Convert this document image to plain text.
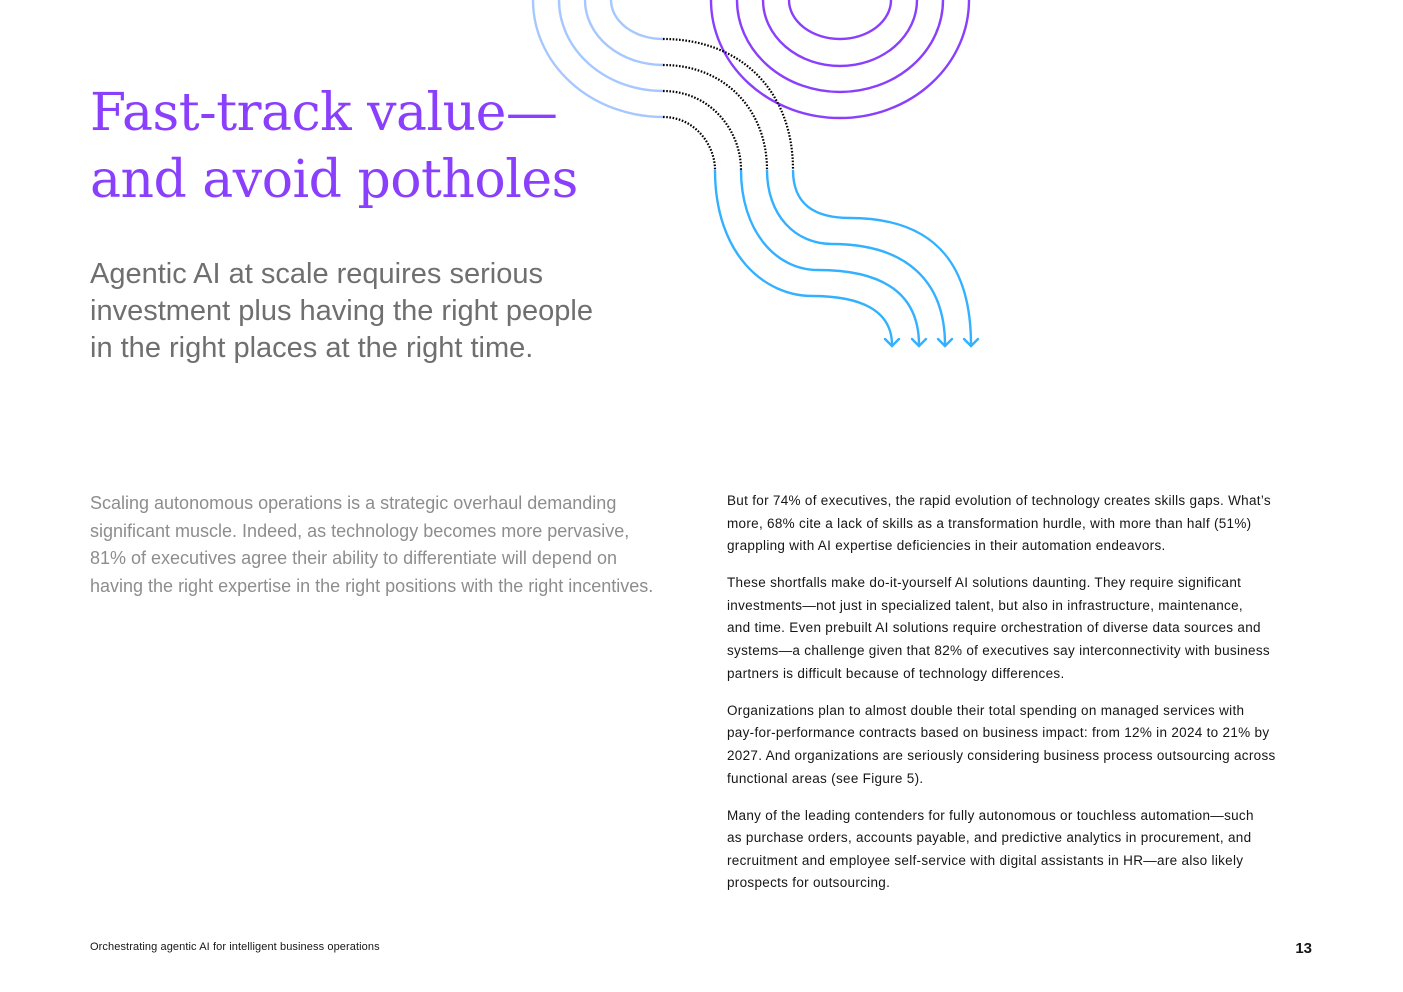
Fast-track value—
and avoid potholes
Agentic AI at scale requires serious
investment plus having the right people
in the right places at the right time.

Scaling autonomous operations is a strategic overhaul demanding
significant muscle. Indeed, as technology becomes more pervasive,
81% of executives agree their ability to differentiate will depend on
having the right expertise in the right positions with the right incentives.

But for 74% of executives, the rapid evolution of technology creates skills gaps. What’s
more, 68% cite a lack of skills as a transformation hurdle, with more than half (51%)
grappling with AI expertise deficiencies in their automation endeavors.

These shortfalls make do-it-yourself AI solutions daunting. They require significant
investments—not just in specialized talent, but also in infrastructure, maintenance,
and time. Even prebuilt AI solutions require orchestration of diverse data sources and
systems—a challenge given that 82% of executives say interconnectivity with business
partners is difficult because of technology differences.

Organizations plan to almost double their total spending on managed services with
pay-for-performance contracts based on business impact: from 12% in 2024 to 21% by
2027. And organizations are seriously considering business process outsourcing across
functional areas (see Figure 5).

Many of the leading contenders for fully autonomous or touchless automation—such
as purchase orders, accounts payable, and predictive analytics in procurement, and
recruitment and employee self-service with digital assistants in HR—are also likely
prospects for outsourcing.

Orchestrating agentic AI for intelligent business operations	13
